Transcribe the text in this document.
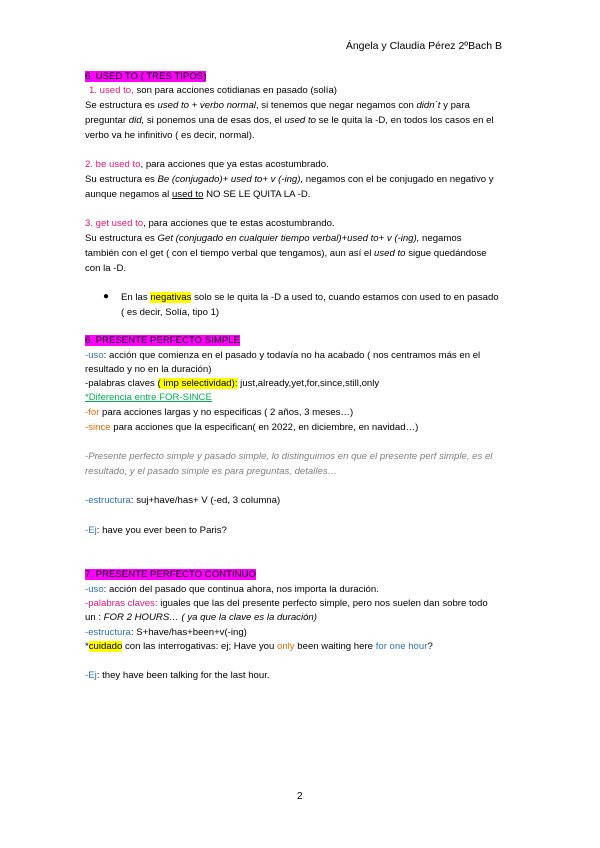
Ángela y Claudia Pérez 2ºBach B
6. USED TO ( TRES TIPOS)
1. used to, son para acciones cotidianas en pasado (solía)
Se estructura es used to + verbo normal, si tenemos que negar negamos con didn´t y para
preguntar did, si ponemos una de esas dos, el used to se le quita la -D, en todos los casos en el
verbo va he infinitivo ( es decir, normal).
2. be used to, para acciones que ya estas acostumbrado.
Su estructura es Be (conjugado)+ used to+ v (-ing), negamos con el be conjugado en negativo y
aunque negamos al used to NO SE LE QUITA LA -D.
3. get used to, para acciones que te estas acostumbrando.
Su estructura es Get (conjugado en cualquier tiempo verbal)+used to+ v (-ing), negamos
también con el get ( con el tiempo verbal que tengamos), aun así el used to sigue quedándose
con la -D.
● En las negativas solo se le quita la -D a used to, cuando estamos con used to en pasado
( es decir, Solía, tipo 1)
6. PRESENTE PERFECTO SIMPLE
-uso: acción que comienza en el pasado y todavía no ha acabado ( nos centramos más en el
resultado y no en la duración)
-palabras claves ( imp selectividad): just,already,yet,for,since,still,only
*Diferencia entre FOR-SINCE
-for para acciones largas y no especificas ( 2 años, 3 meses…)
-since para acciones que la especifican( en 2022, en diciembre, en navidad…)
-Presente perfecto simple y pasado simple, lo distinguimos en que el presente perf simple, es el
resultado, y el pasado simple es para preguntas, detalles…
-estructura: suj+have/has+ V (-ed, 3 columna)
-Ej: have you ever been to Paris?
7. PRESENTE PERFECTO CONTINUO
-uso: acción del pasado que continua ahora, nos importa la duración.
-palabras claves: iguales que las del presente perfecto simple, pero nos suelen dan sobre todo
un : FOR 2 HOURS… ( ya que la clave es la duración)
-estructura: S+have/has+been+v(-ing)
*cuidado con las interrogativas: ej; Have you only been waiting here for one hour?
-Ej: they have been talking for the last hour.
2
